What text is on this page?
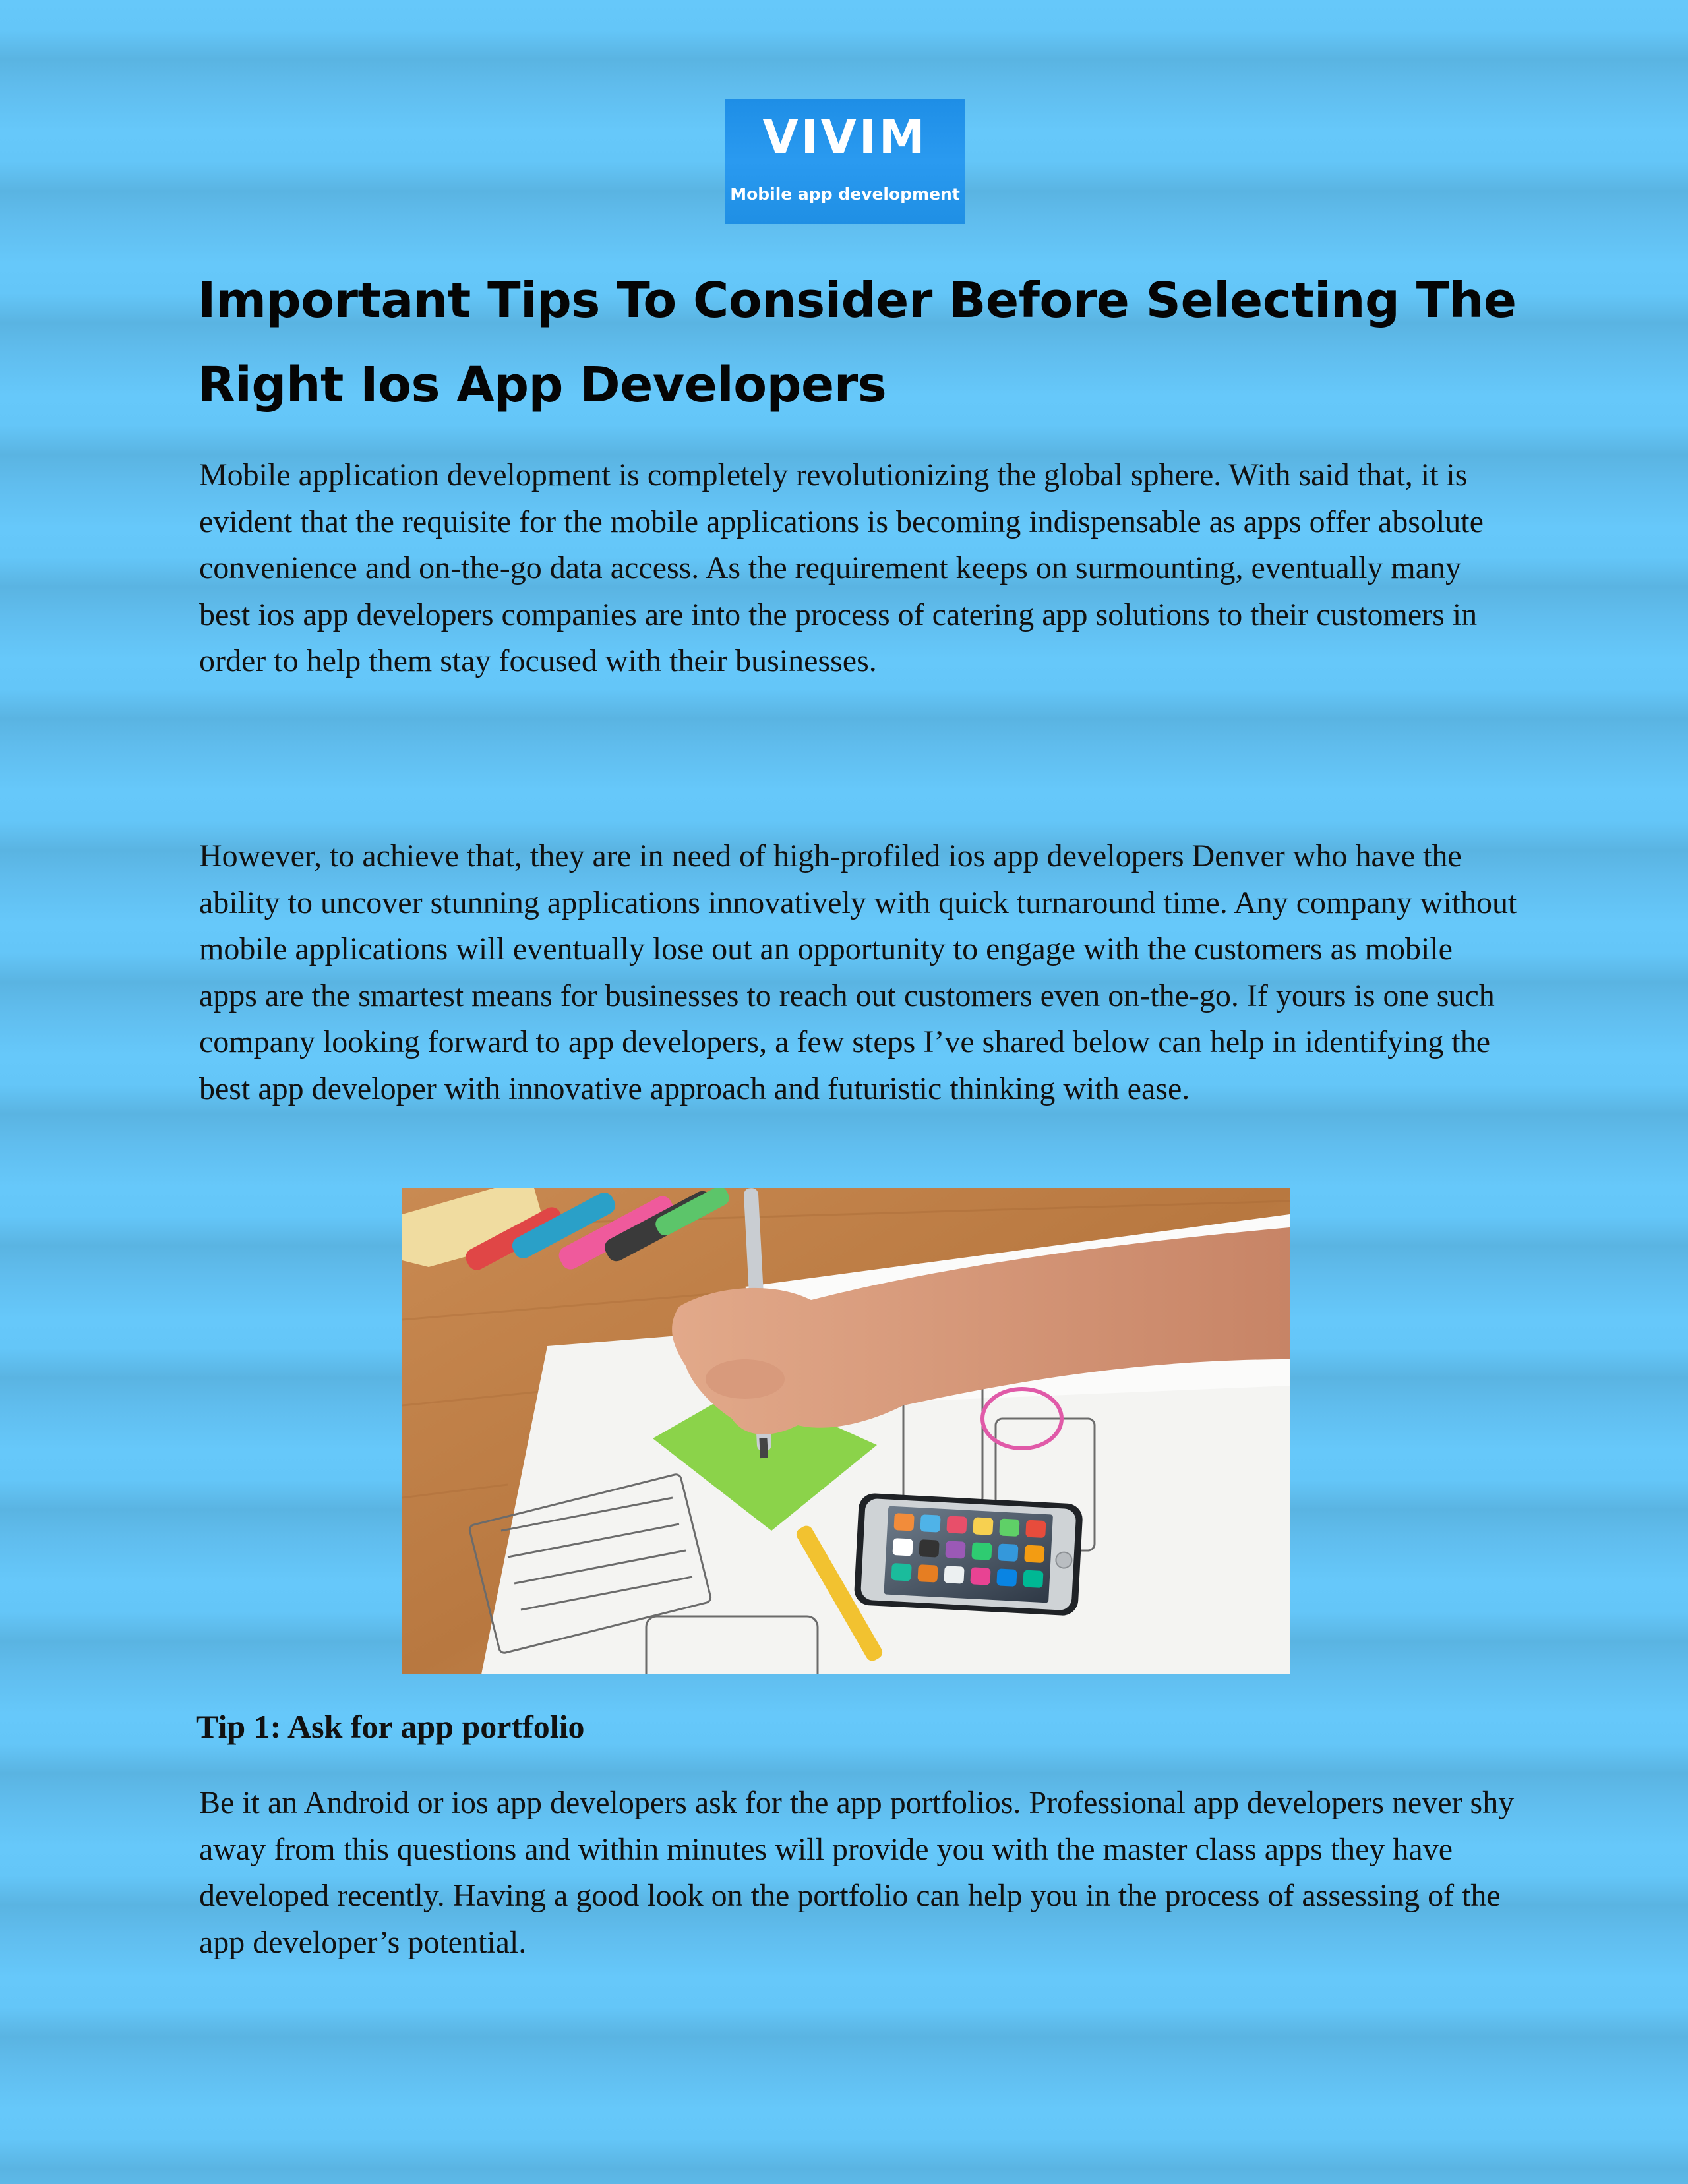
VIVIM
Mobile app development
Important Tips To Consider Before Selecting The
Right Ios App Developers

Mobile application development is completely revolutionizing the global sphere. With said that, it is evident that the requisite for the mobile applications is becoming indispensable as apps offer absolute convenience and on-the-go data access. As the requirement keeps on surmounting, eventually many best ios app developers companies are into the process of catering app solutions to their customers in order to help them stay focused with their businesses.

However, to achieve that, they are in need of high-profiled ios app developers Denver who have the ability to uncover stunning applications innovatively with quick turnaround time. Any company without mobile applications will eventually lose out an opportunity to engage with the customers as mobile apps are the smartest means for businesses to reach out customers even on-the-go. If yours is one such company looking forward to app developers, a few steps I’ve shared below can help in identifying the best app developer with innovative approach and futuristic thinking with ease.

Tip 1: Ask for app portfolio

Be it an Android or ios app developers ask for the app portfolios. Professional app developers never shy away from this questions and within minutes will provide you with the master class apps they have developed recently. Having a good look on the portfolio can help you in the process of assessing of the app developer’s potential.
